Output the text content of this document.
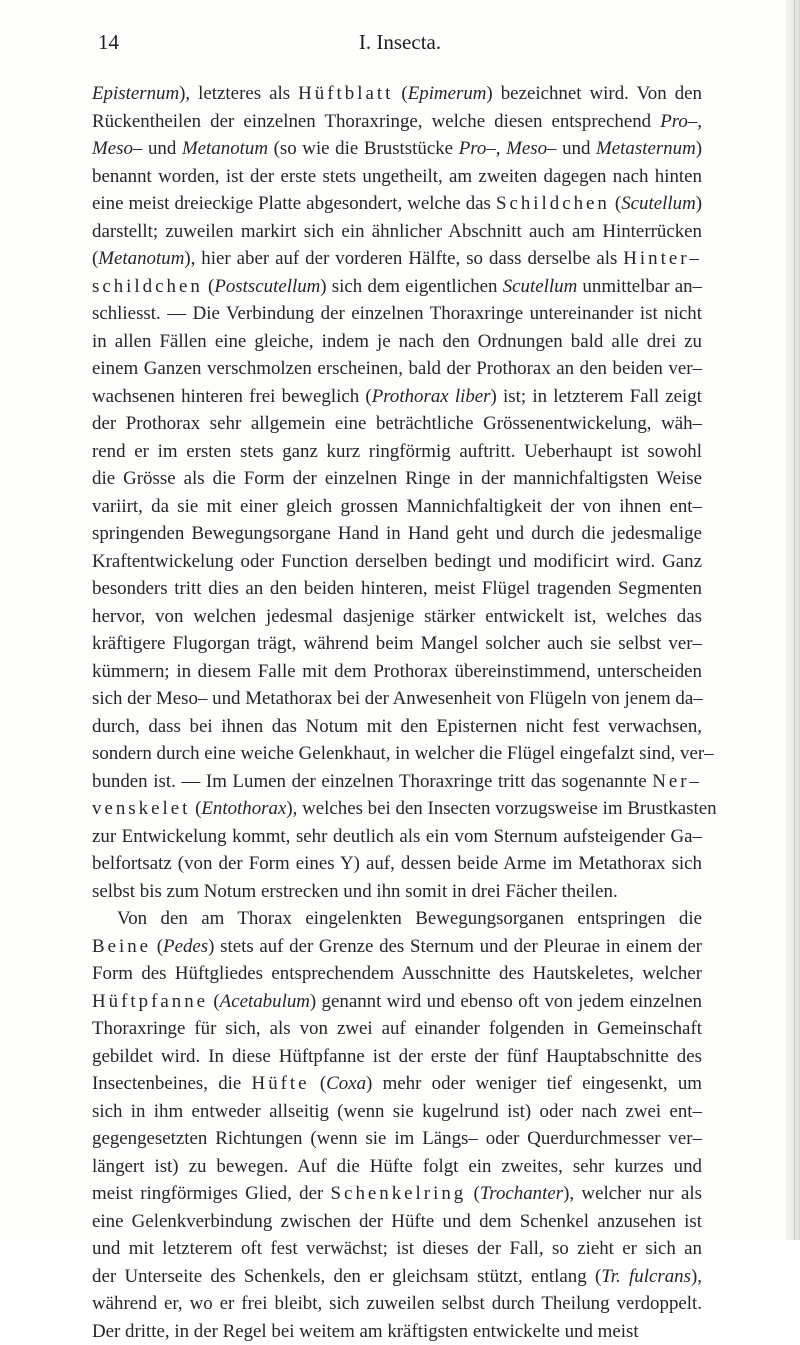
14	I. Insecta.
Episternum), letzteres als Hüftblatt (Epimerum) bezeichnet wird. Von den
Rückentheilen der einzelnen Thoraxringe, welche diesen entsprechend Pro–,
Meso– und Metanotum (so wie die Bruststücke Pro–, Meso– und Metasternum)
benannt worden, ist der erste stets ungetheilt, am zweiten dagegen nach hinten
eine meist dreieckige Platte abgesondert, welche das Schildchen (Scutellum)
darstellt; zuweilen markirt sich ein ähnlicher Abschnitt auch am Hinterrücken
(Metanotum), hier aber auf der vorderen Hälfte, so dass derselbe als Hinter–
schildchen (Postscutellum) sich dem eigentlichen Scutellum unmittelbar an–
schliesst. — Die Verbindung der einzelnen Thoraxringe untereinander ist nicht
in allen Fällen eine gleiche, indem je nach den Ordnungen bald alle drei zu
einem Ganzen verschmolzen erscheinen, bald der Prothorax an den beiden ver–
wachsenen hinteren frei beweglich (Prothorax liber) ist; in letzterem Fall zeigt
der Prothorax sehr allgemein eine beträchtliche Grössenentwickelung, wäh–
rend er im ersten stets ganz kurz ringförmig auftritt. Ueberhaupt ist sowohl
die Grösse als die Form der einzelnen Ringe in der mannichfaltigsten Weise
variirt, da sie mit einer gleich grossen Mannichfaltigkeit der von ihnen ent–
springenden Bewegungsorgane Hand in Hand geht und durch die jedesmalige
Kraftentwickelung oder Function derselben bedingt und modificirt wird. Ganz
besonders tritt dies an den beiden hinteren, meist Flügel tragenden Segmenten
hervor, von welchen jedesmal dasjenige stärker entwickelt ist, welches das
kräftigere Flugorgan trägt, während beim Mangel solcher auch sie selbst ver–
kümmern; in diesem Falle mit dem Prothorax übereinstimmend, unterscheiden
sich der Meso– und Metathorax bei der Anwesenheit von Flügeln von jenem da–
durch, dass bei ihnen das Notum mit den Episternen nicht fest verwachsen,
sondern durch eine weiche Gelenkhaut, in welcher die Flügel eingefalzt sind, ver–
bunden ist. — Im Lumen der einzelnen Thoraxringe tritt das sogenannte Ner–
venskelet (Entothorax), welches bei den Insecten vorzugsweise im Brustkasten
zur Entwickelung kommt, sehr deutlich als ein vom Sternum aufsteigender Ga–
belfortsatz (von der Form eines Y) auf, dessen beide Arme im Metathorax sich
selbst bis zum Notum erstrecken und ihn somit in drei Fächer theilen.
Von den am Thorax eingelenkten Bewegungsorganen entspringen die
Beine (Pedes) stets auf der Grenze des Sternum und der Pleurae in einem der
Form des Hüftgliedes entsprechendem Ausschnitte des Hautskeletes, welcher
Hüftpfanne (Acetabulum) genannt wird und ebenso oft von jedem einzelnen
Thoraxringe für sich, als von zwei auf einander folgenden in Gemeinschaft
gebildet wird. In diese Hüftpfanne ist der erste der fünf Hauptabschnitte des
Insectenbeines, die Hüfte (Coxa) mehr oder weniger tief eingesenkt, um
sich in ihm entweder allseitig (wenn sie kugelrund ist) oder nach zwei ent–
gegengesetzten Richtungen (wenn sie im Längs– oder Querdurchmesser ver–
längert ist) zu bewegen. Auf die Hüfte folgt ein zweites, sehr kurzes und
meist ringförmiges Glied, der Schenkelring (Trochanter), welcher nur als
eine Gelenkverbindung zwischen der Hüfte und dem Schenkel anzusehen ist
und mit letzterem oft fest verwächst; ist dieses der Fall, so zieht er sich an
der Unterseite des Schenkels, den er gleichsam stützt, entlang (Tr. fulcrans),
während er, wo er frei bleibt, sich zuweilen selbst durch Theilung verdoppelt.
Der dritte, in der Regel bei weitem am kräftigsten entwickelte und meist
